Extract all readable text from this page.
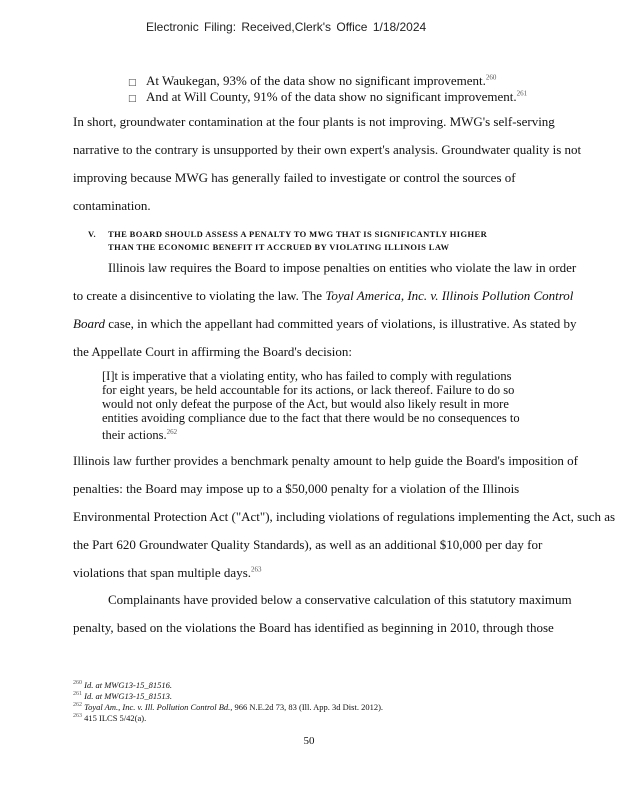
Electronic Filing: Received,Clerk's Office 1/18/2024
□ At Waukegan, 93% of the data show no significant improvement.$^{260}$
□ And at Will County, 91% of the data show no significant improvement.$^{261}$
In short, groundwater contamination at the four plants is not improving. MWG's self-serving
narrative to the contrary is unsupported by their own expert's analysis. Groundwater quality is not
improving because MWG has generally failed to investigate or control the sources of
contamination.
V. THE BOARD SHOULD ASSESS A PENALTY TO MWG THAT IS SIGNIFICANTLY HIGHER
THAN THE ECONOMIC BENEFIT IT ACCRUED BY VIOLATING ILLINOIS LAW
Illinois law requires the Board to impose penalties on entities who violate the law in order
to create a disincentive to violating the law. The Toyal America, Inc. v. Illinois Pollution Control
Board case, in which the appellant had committed years of violations, is illustrative. As stated by
the Appellate Court in affirming the Board's decision:
[I]t is imperative that a violating entity, who has failed to comply with regulations
for eight years, be held accountable for its actions, or lack thereof. Failure to do so
would not only defeat the purpose of the Act, but would also likely result in more
entities avoiding compliance due to the fact that there would be no consequences to
their actions.$^{262}$
Illinois law further provides a benchmark penalty amount to help guide the Board's imposition of
penalties: the Board may impose up to a $50,000 penalty for a violation of the Illinois
Environmental Protection Act ("Act"), including violations of regulations implementing the Act, such as
the Part 620 Groundwater Quality Standards), as well as an additional $10,000 per day for
violations that span multiple days.$^{263}$
Complainants have provided below a conservative calculation of this statutory maximum
penalty, based on the violations the Board has identified as beginning in 2010, through those
$^{260}$ Id. at MWG13-15_81516.
$^{261}$ Id. at MWG13-15_81513.
$^{262}$ Toyal Am., Inc. v. Ill. Pollution Control Bd., 966 N.E.2d 73, 83 (Ill. App. 3d Dist. 2012).
$^{263}$ 415 ILCS 5/42(a).
50
